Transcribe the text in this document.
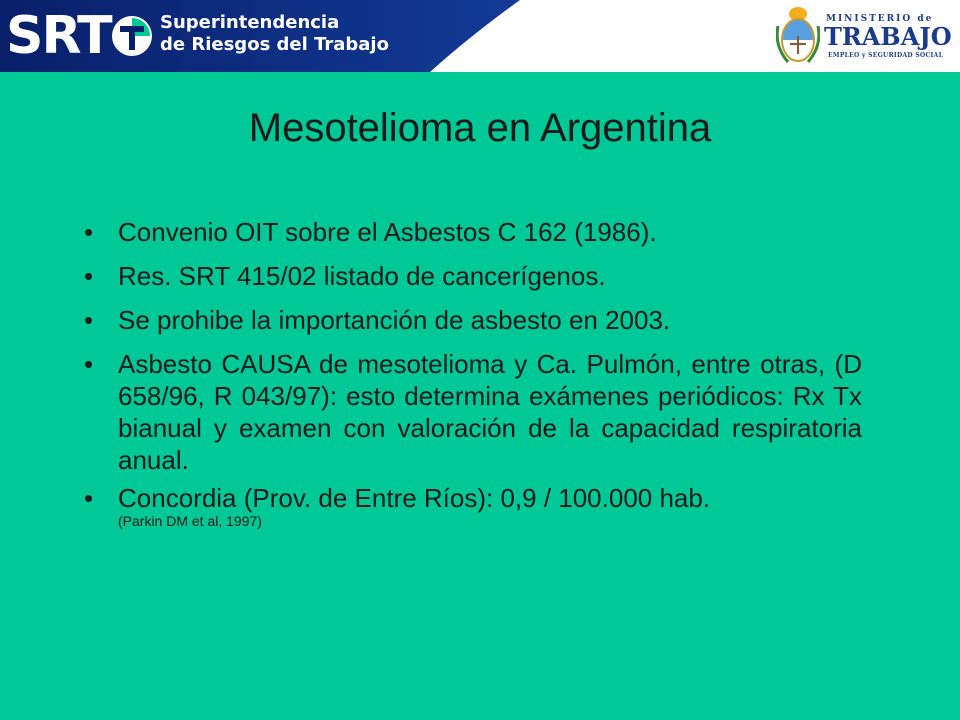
SRT	Superintendencia
de Riesgos del Trabajo
MINISTERIO de
TRABAJO
EMPLEO y SEGURIDAD SOCIAL
Mesotelioma en Argentina
• Convenio OIT sobre el Asbestos C 162 (1986).
• Res. SRT 415/02 listado de cancerígenos.
• Se prohibe la importanción de asbesto en 2003.
• Asbesto CAUSA de mesotelioma y Ca. Pulmón, entre otras, (D 658/96, R 043/97): esto determina exámenes periódicos: Rx Tx bianual y examen con valoración de la capacidad respiratoria anual.
• Concordia (Prov. de Entre Ríos): 0,9 / 100.000 hab.
(Parkin DM et al, 1997)
